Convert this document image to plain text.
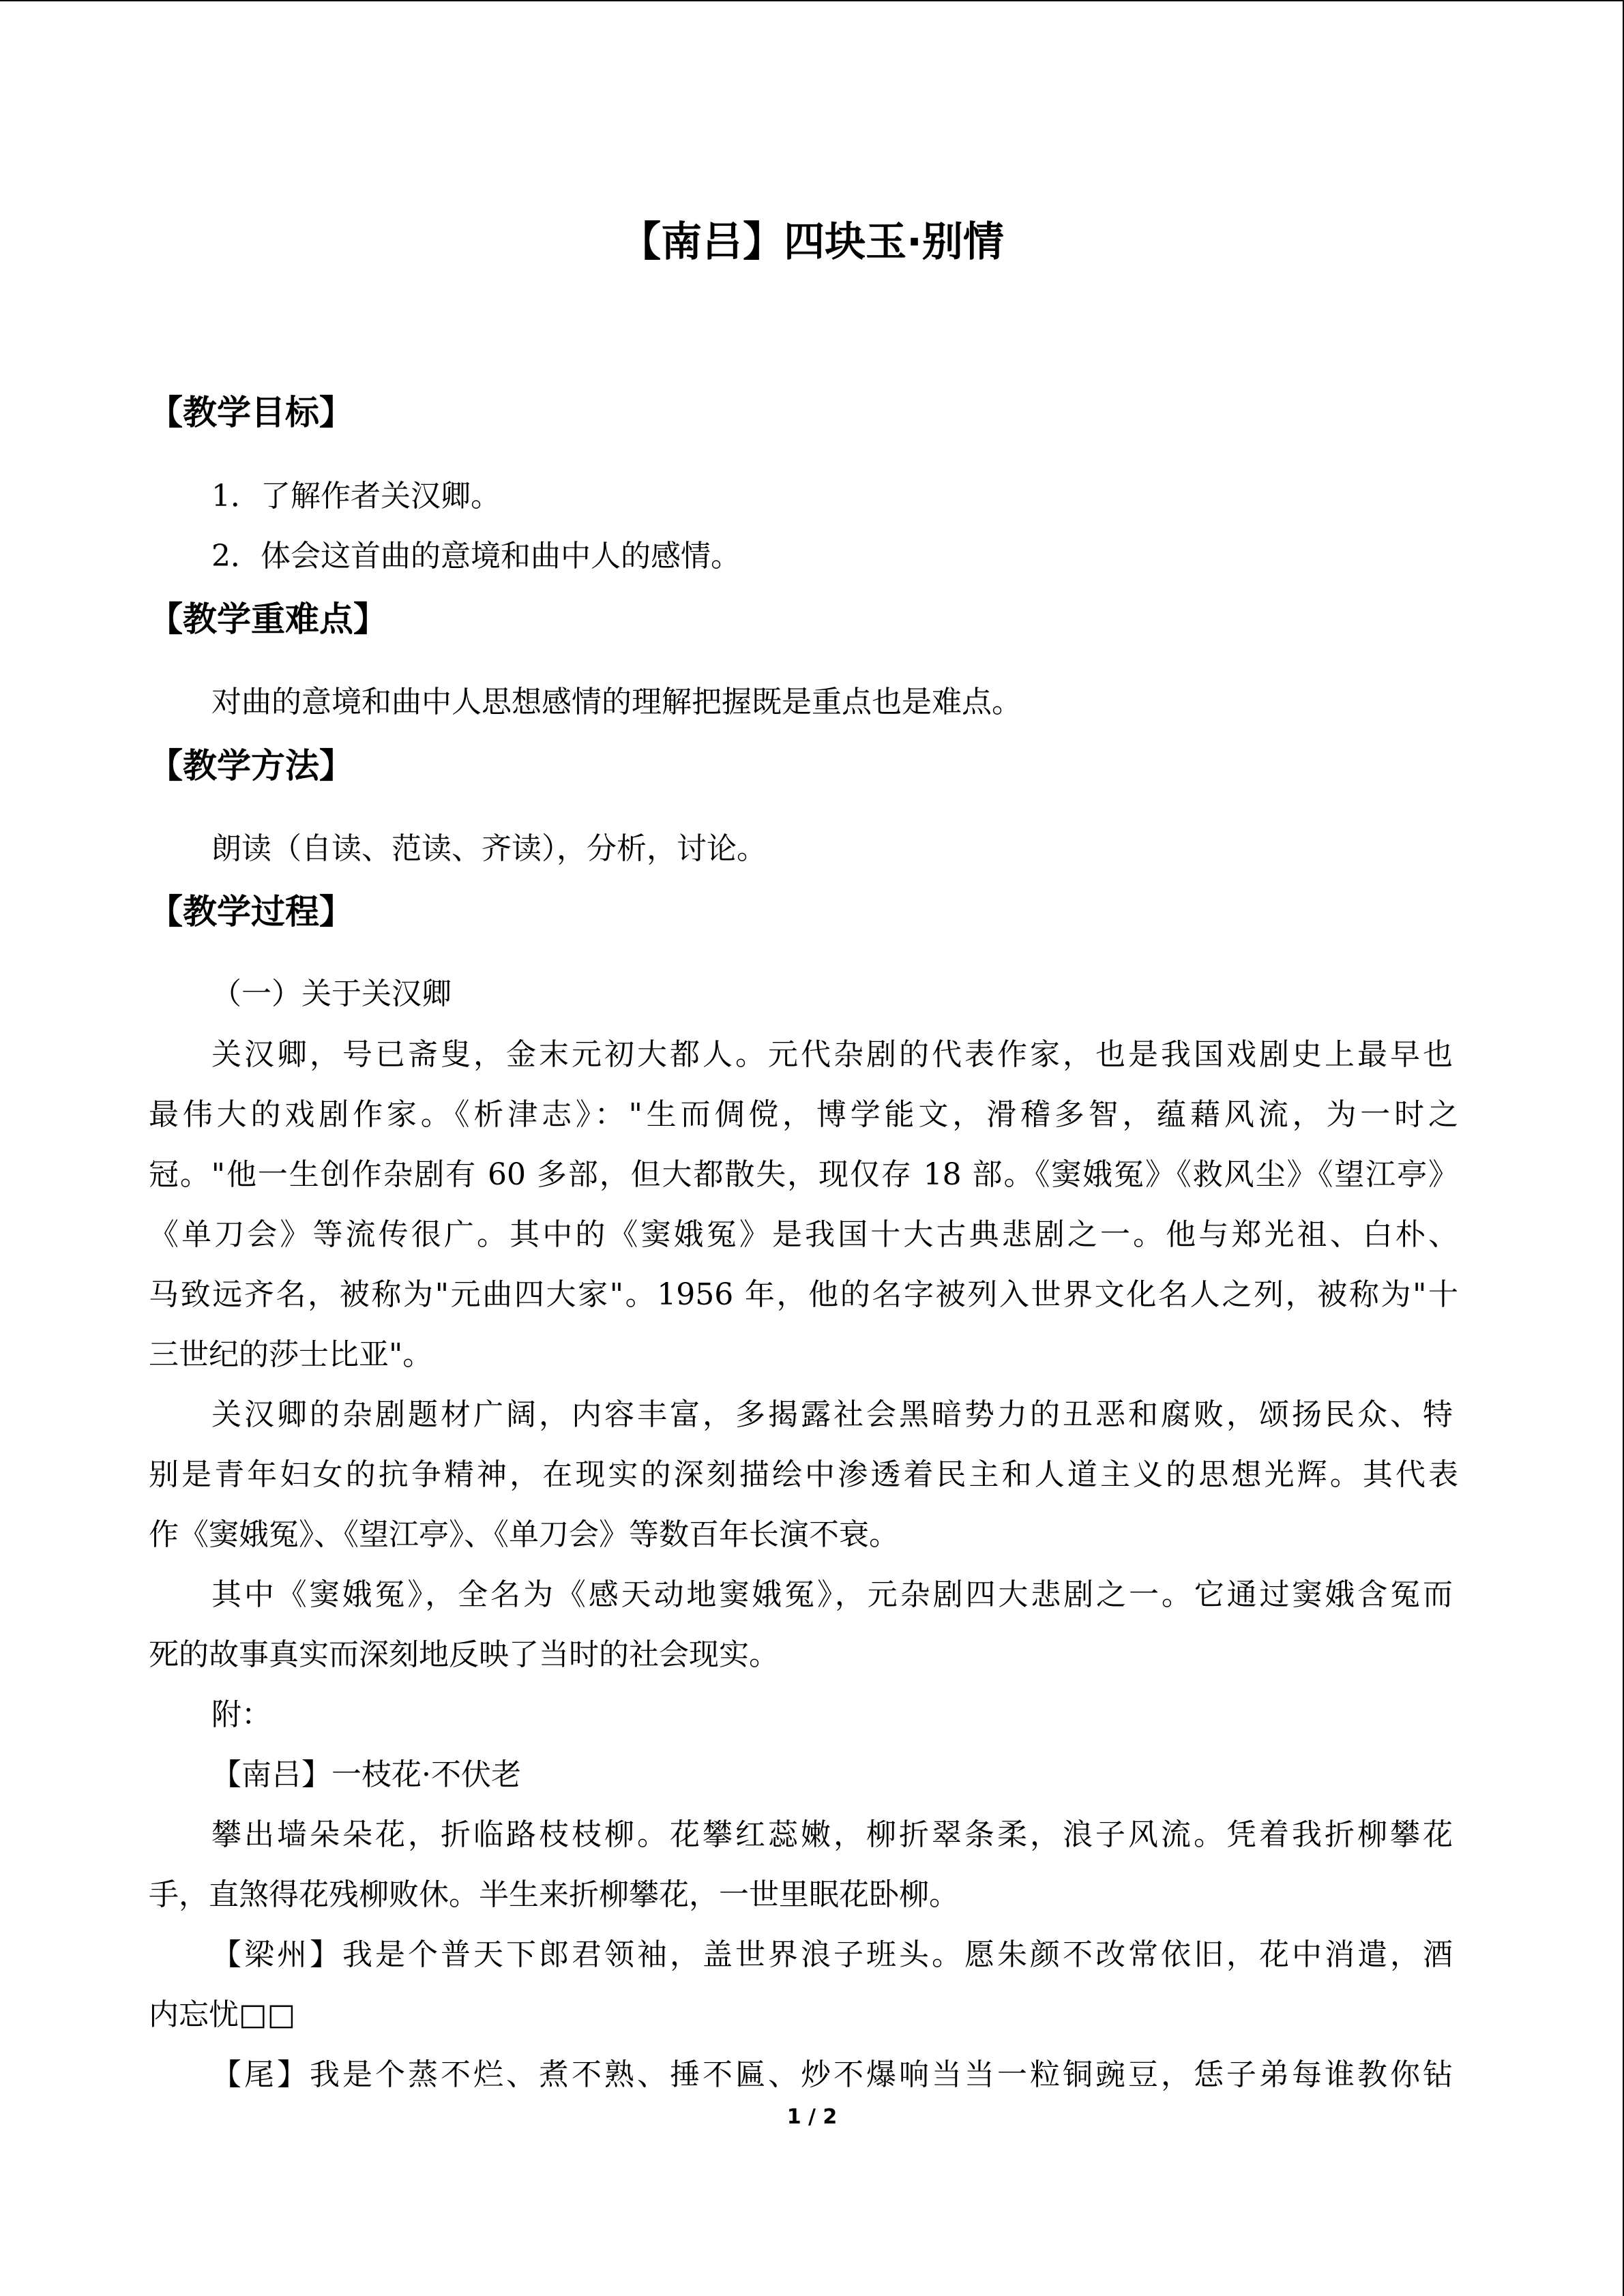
【南吕】四块玉·别情
【教学目标】
1．了解作者关汉卿。
2．体会这首曲的意境和曲中人的感情。
【教学重难点】
对曲的意境和曲中人思想感情的理解把握既是重点也是难点。
【教学方法】
朗读（自读、范读、齐读），分析，讨论。
【教学过程】
（一）关于关汉卿
关汉卿，号已斋叟，金末元初大都人。元代杂剧的代表作家，也是我国戏剧史上最早也
最伟大的戏剧作家。《析津志》："生而倜傥，博学能文，滑稽多智，蕴藉风流，为一时之
冠。"他一生创作杂剧有 60 多部，但大都散失，现仅存 18 部。《窦娥冤》《救风尘》《望江亭》
《单刀会》等流传很广。其中的《窦娥冤》是我国十大古典悲剧之一。他与郑光祖、白朴、
马致远齐名，被称为"元曲四大家"。1956 年，他的名字被列入世界文化名人之列，被称为"十
三世纪的莎士比亚"。
关汉卿的杂剧题材广阔，内容丰富，多揭露社会黑暗势力的丑恶和腐败，颂扬民众、特
别是青年妇女的抗争精神，在现实的深刻描绘中渗透着民主和人道主义的思想光辉。其代表
作《窦娥冤》、《望江亭》、《单刀会》等数百年长演不衰。
其中《窦娥冤》，全名为《感天动地窦娥冤》，元杂剧四大悲剧之一。它通过窦娥含冤而
死的故事真实而深刻地反映了当时的社会现实。
附：
【南吕】一枝花·不伏老
攀出墙朵朵花，折临路枝枝柳。花攀红蕊嫩，柳折翠条柔，浪子风流。凭着我折柳攀花
手，直煞得花残柳败休。半生来折柳攀花，一世里眠花卧柳。
【梁州】我是个普天下郎君领袖，盖世界浪子班头。愿朱颜不改常依旧，花中消遣，酒
内忘忧□□
【尾】我是个蒸不烂、煮不熟、捶不匾、炒不爆响当当一粒铜豌豆，恁子弟每谁教你钻
1 / 2
